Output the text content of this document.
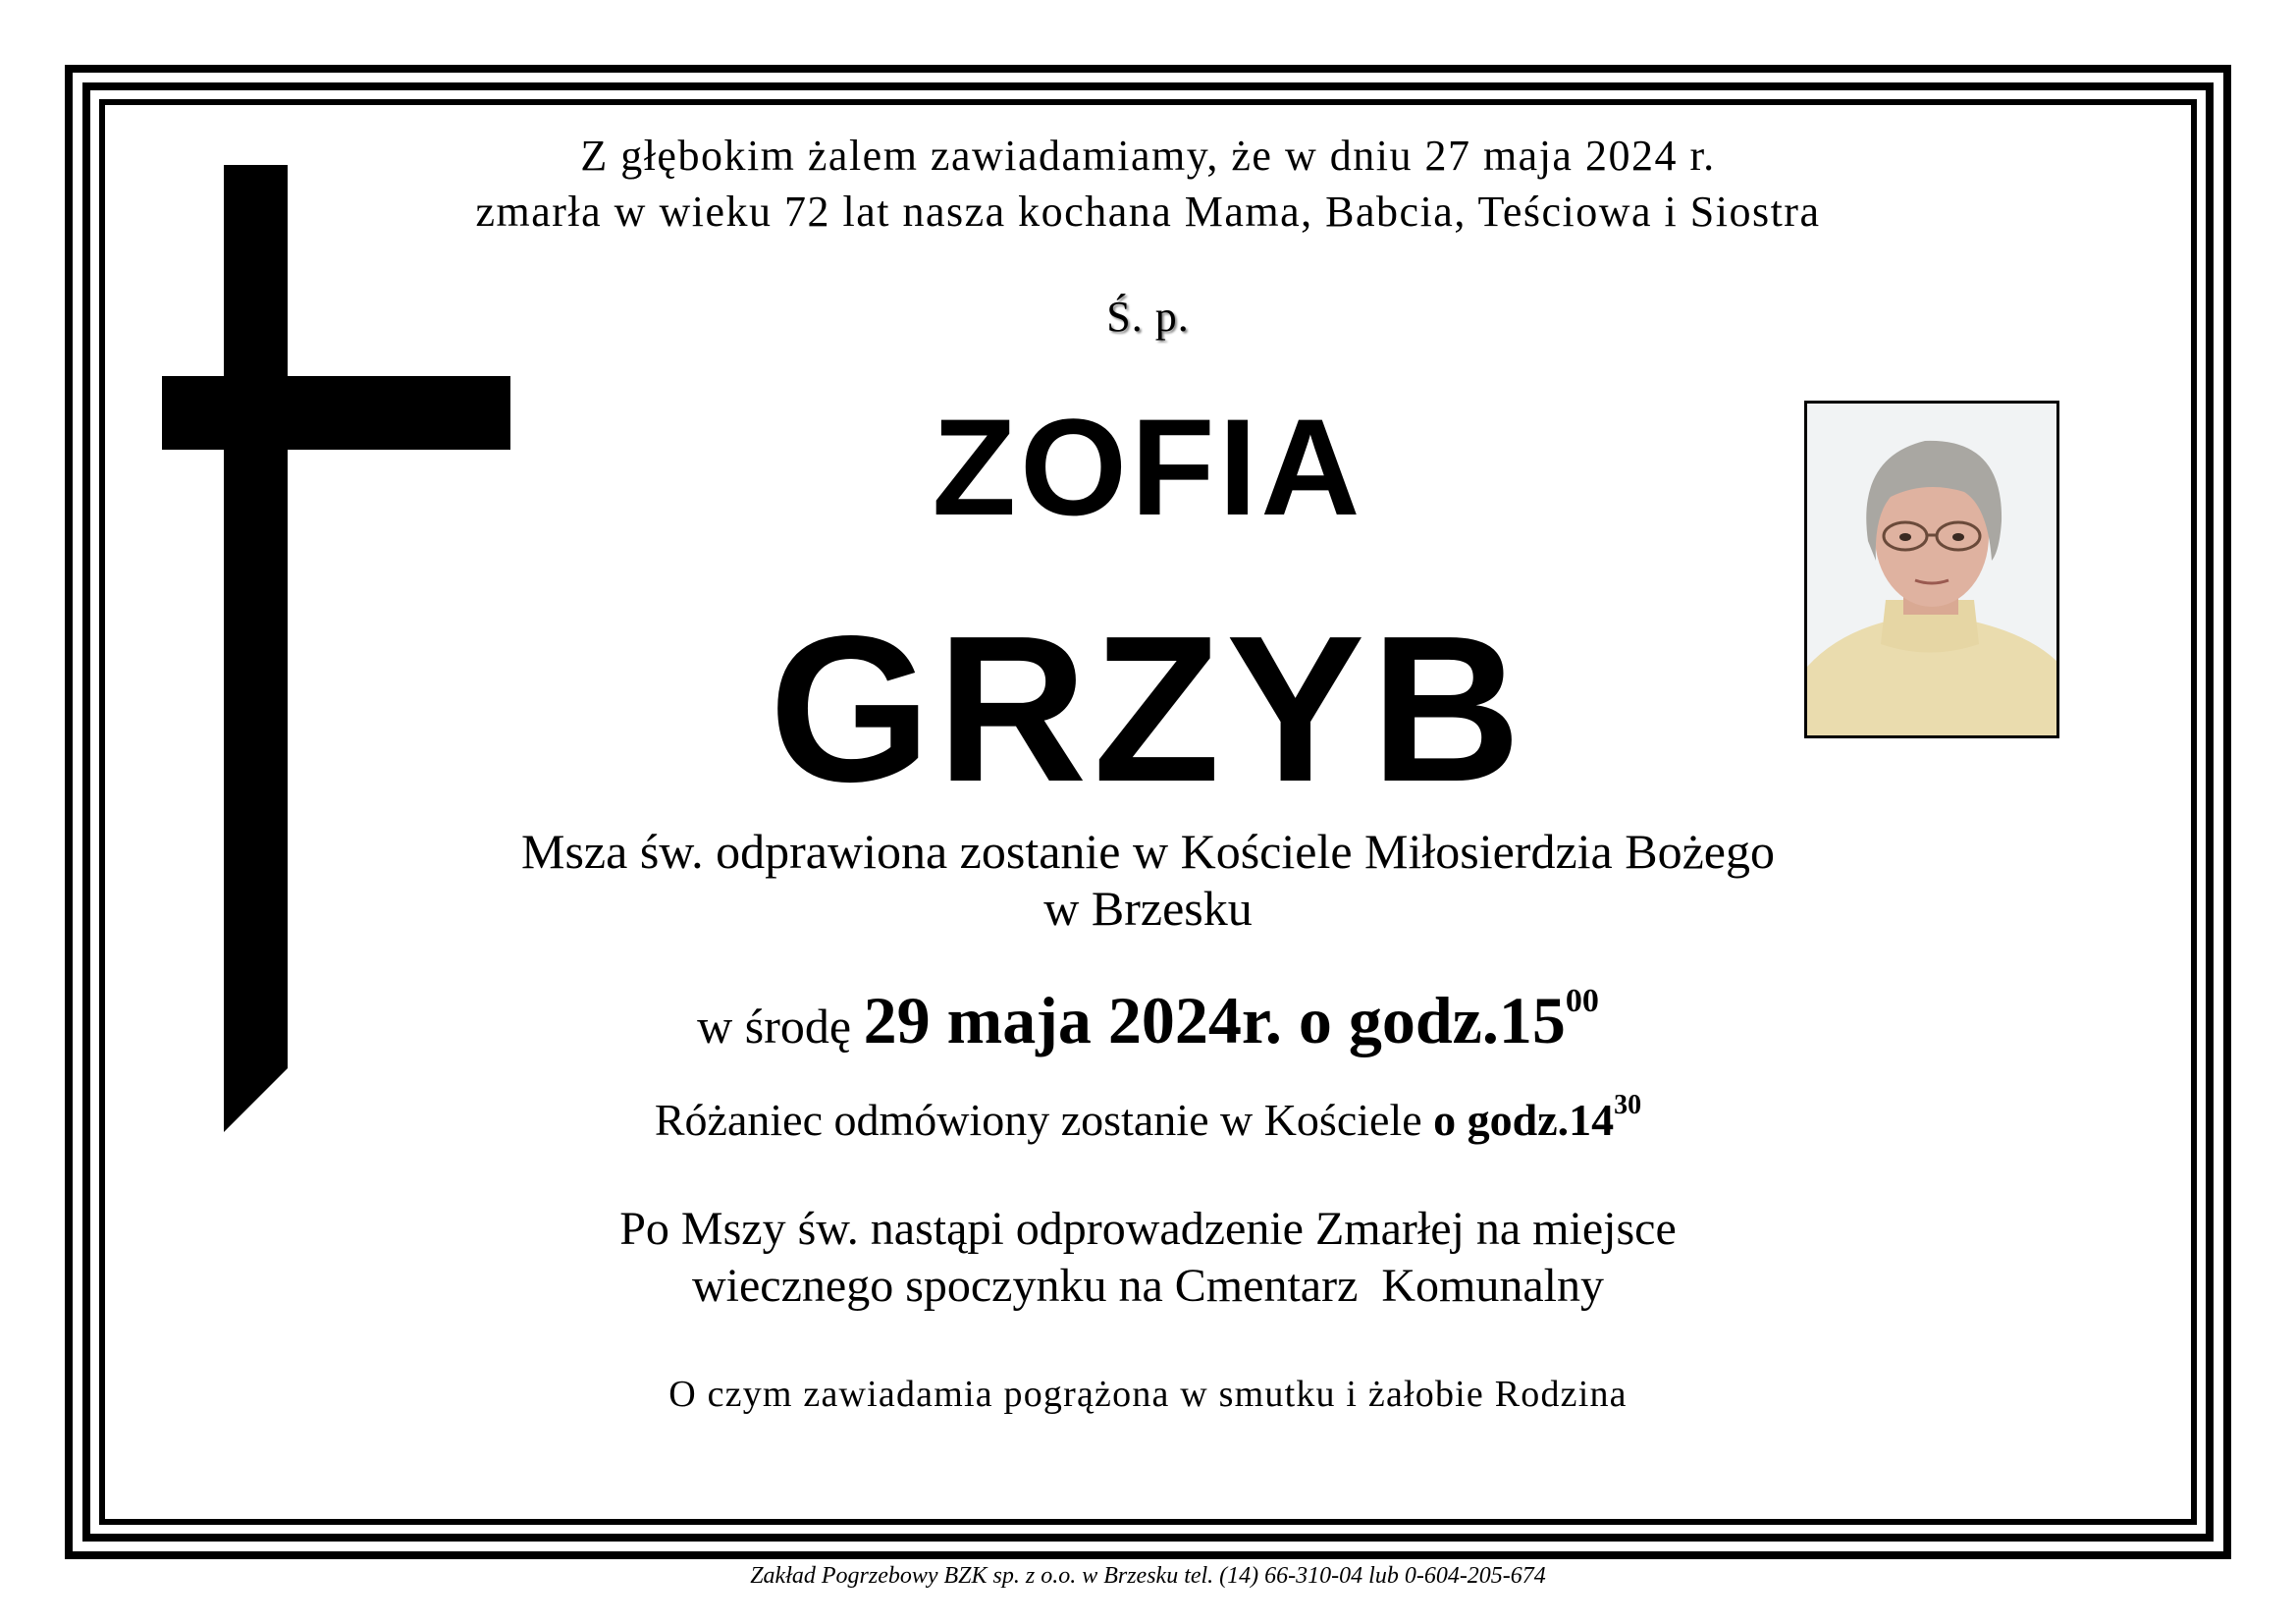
Z głębokim żalem zawiadamiamy, że w dniu 27 maja 2024 r.
zmarła w wieku 72 lat nasza kochana Mama, Babcia, Teściowa i Siostra
Ś. p.
ZOFIA
GRZYB
Msza św. odprawiona zostanie w Kościele Miłosierdzia Bożego
w Brzesku
w środę 29 maja 2024r. o $godz.15^{00}$
Różaniec odmówiony zostanie w Kościele o $godz.14^{30}$
Po Mszy św. nastąpi odprowadzenie Zmarłej na miejsce
wiecznego spoczynku na Cmentarz  Komunalny
O czym zawiadamia pogrążona w smutku i żałobie Rodzina
Zakład Pogrzebowy BZK sp. z o.o. w Brzesku tel. (14) 66-310-04 lub 0-604-205-674
